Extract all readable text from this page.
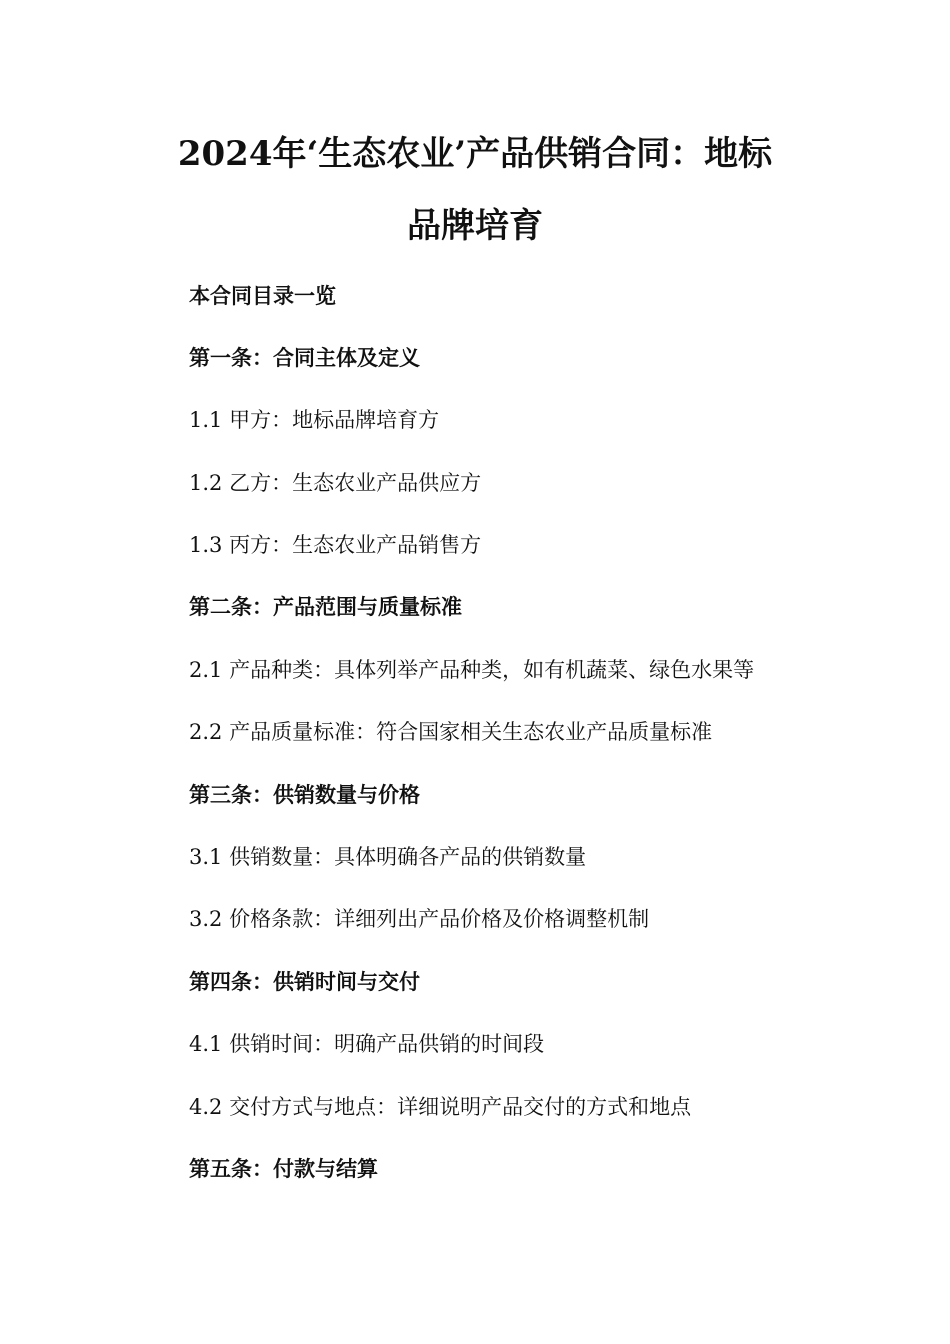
2024年‘生态农业’产品供销合同：地标
品牌培育
本合同目录一览
第一条：合同主体及定义
1.1 甲方：地标品牌培育方
1.2 乙方：生态农业产品供应方
1.3 丙方：生态农业产品销售方
第二条：产品范围与质量标准
2.1 产品种类：具体列举产品种类，如有机蔬菜、绿色水果等
2.2 产品质量标准：符合国家相关生态农业产品质量标准
第三条：供销数量与价格
3.1 供销数量：具体明确各产品的供销数量
3.2 价格条款：详细列出产品价格及价格调整机制
第四条：供销时间与交付
4.1 供销时间：明确产品供销的时间段
4.2 交付方式与地点：详细说明产品交付的方式和地点
第五条：付款与结算
